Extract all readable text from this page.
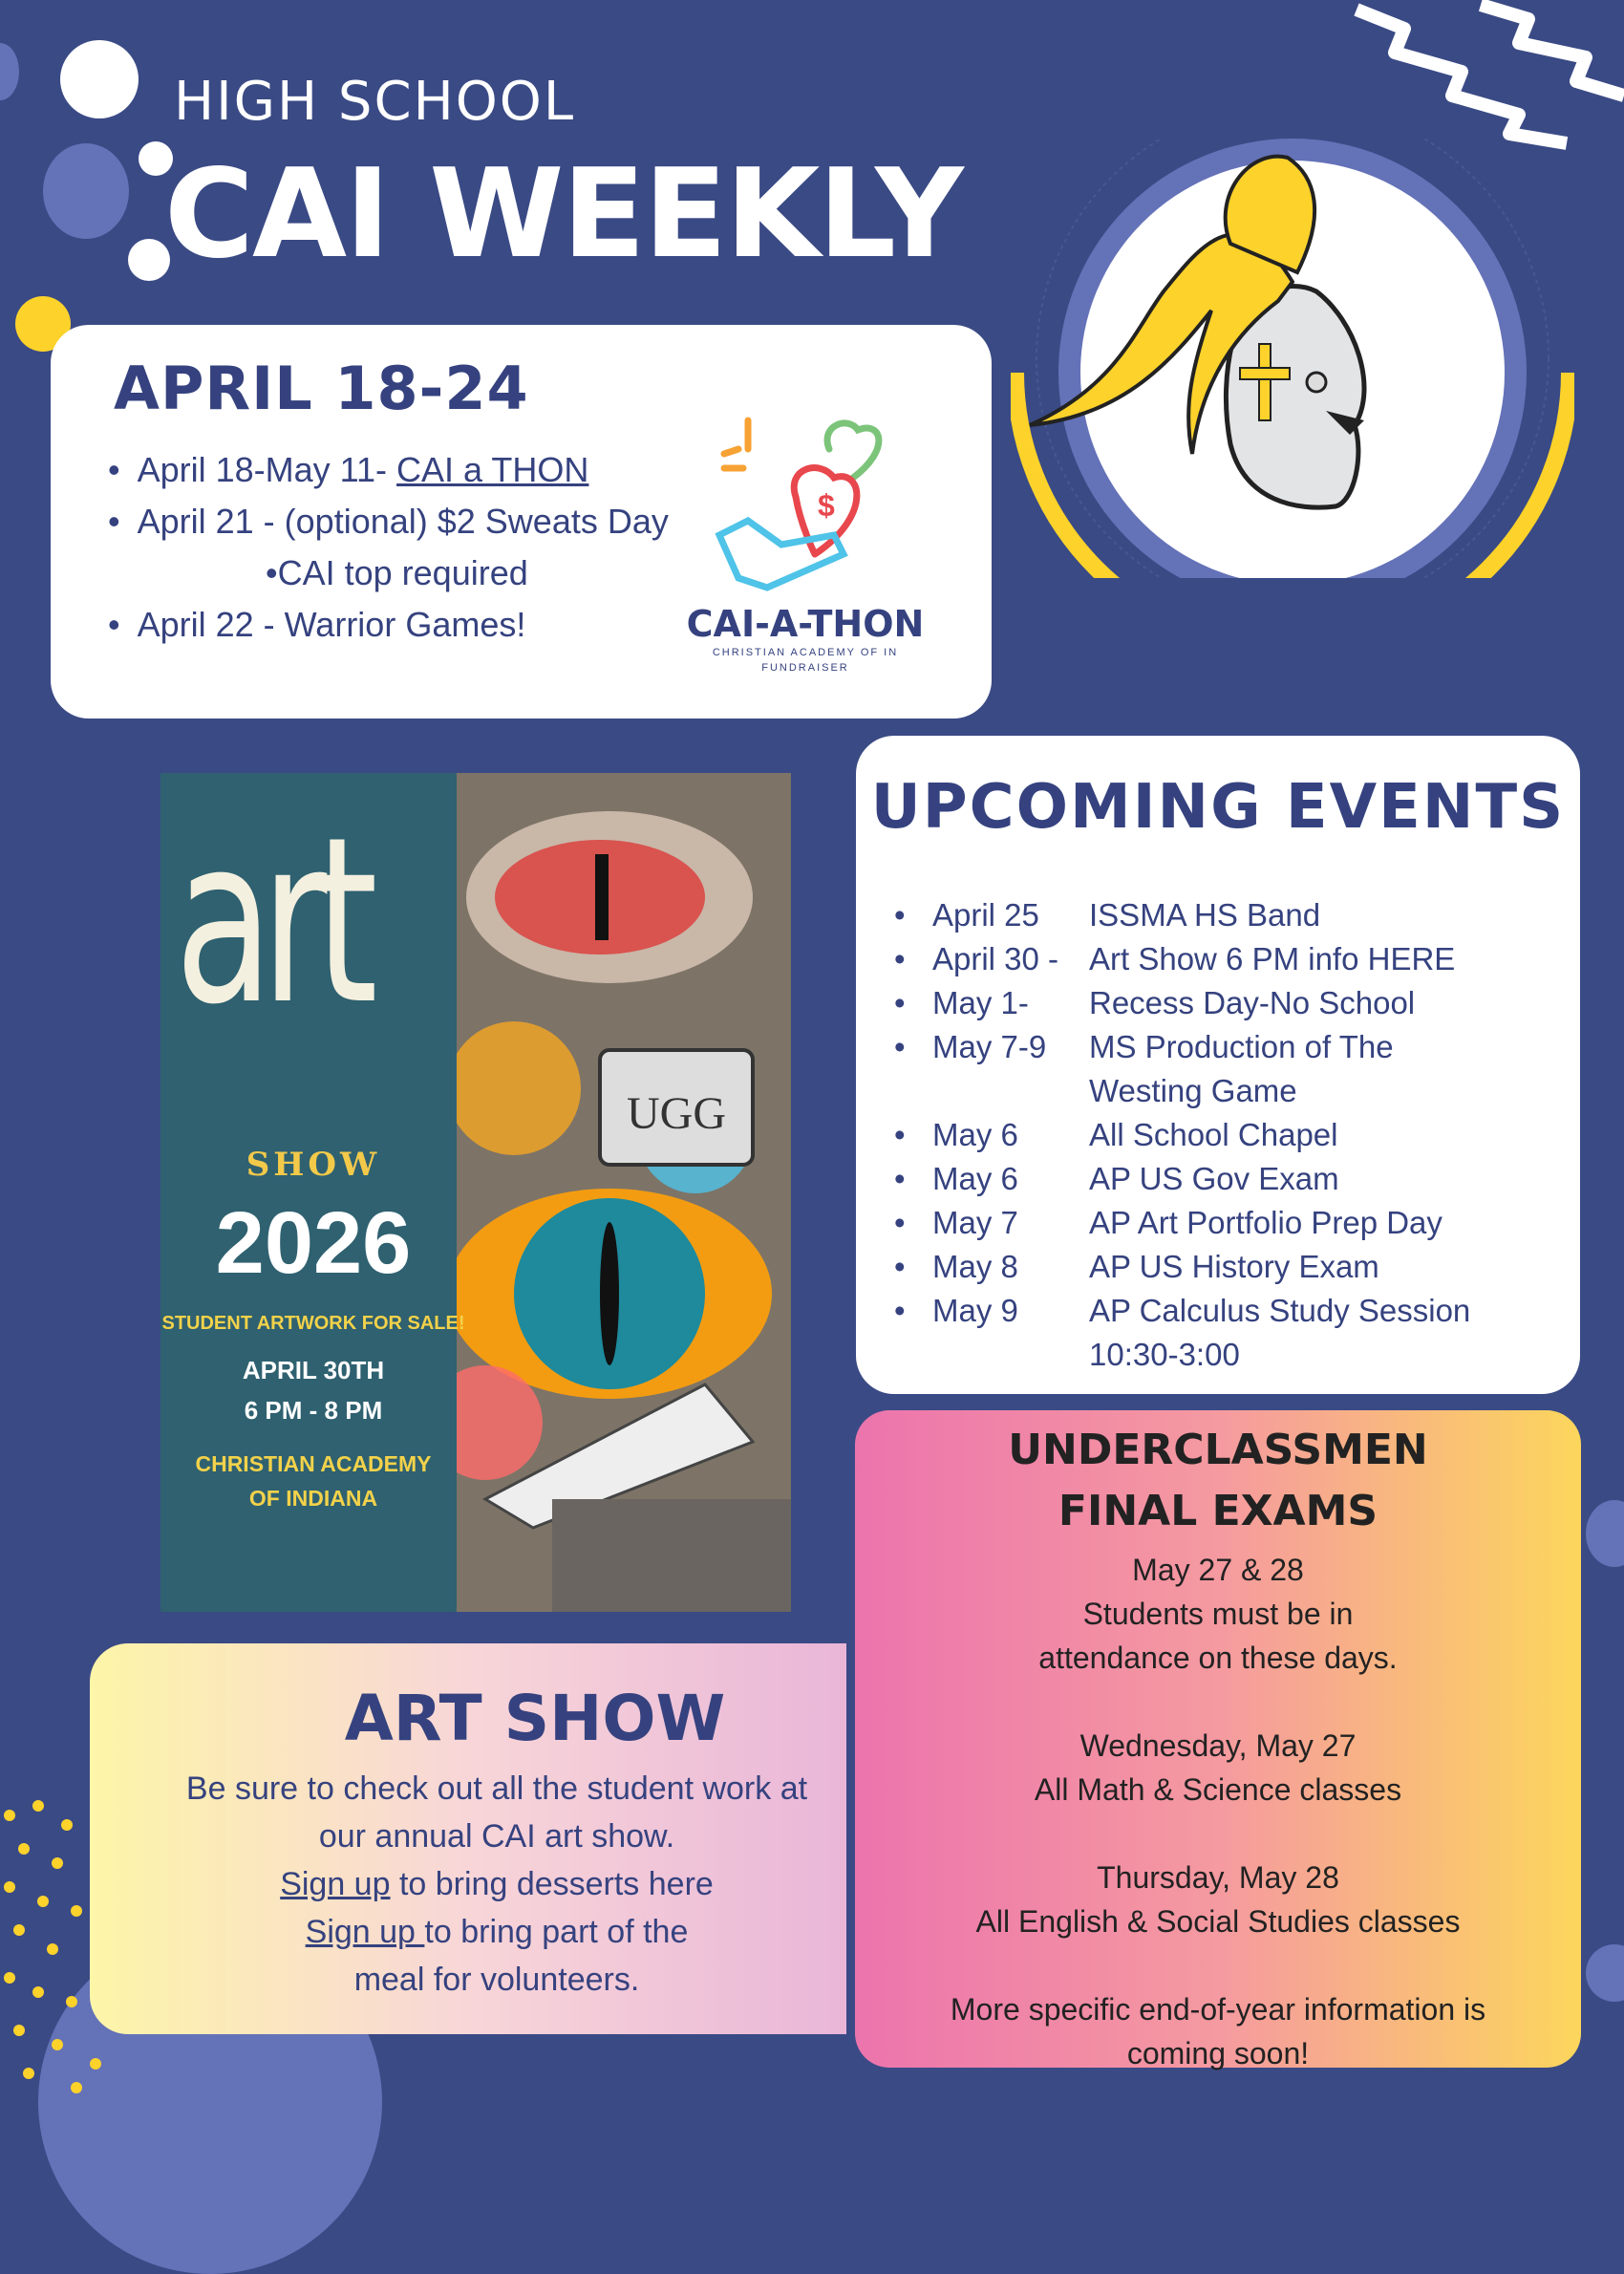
HIGH SCHOOL
CAI WEEKLY
APRIL 18-24
• April 18-May 11- CAI a THON
• April 21 - (optional) $2 Sweats Day
• CAI top required
• April 22 - Warrior Games!
$
CAI-A-THON
CHRISTIAN ACADEMY OF IN
FUNDRAISER
UGG
art
SHOW
2026
STUDENT ARTWORK FOR SALE!
APRIL 30TH
6 PM - 8 PM
CHRISTIAN ACADEMY
OF INDIANA
UPCOMING EVENTS
• April 25	ISSMA HS Band
• April 30 - Art Show 6 PM info HERE
• May 1-	Recess Day-No School
• May 7-9	MS Production of The
Westing Game
• May 6	All School Chapel
• May 6	AP US Gov Exam
• May 7	AP Art Portfolio Prep Day
• May 8	AP US History Exam
• May 9	AP Calculus Study Session
10:30-3:00
ART SHOW

Be sure to check out all the student work at
our annual CAI art show.
Sign up to bring desserts here
Sign up to bring part of the
meal for volunteers.

UNDERCLASSMEN
FINAL EXAMS

May 27 & 28
Students must be in
attendance on these days.

Wednesday, May 27
All Math & Science classes

Thursday, May 28
All English & Social Studies classes

More specific end-of-year information is
coming soon!
